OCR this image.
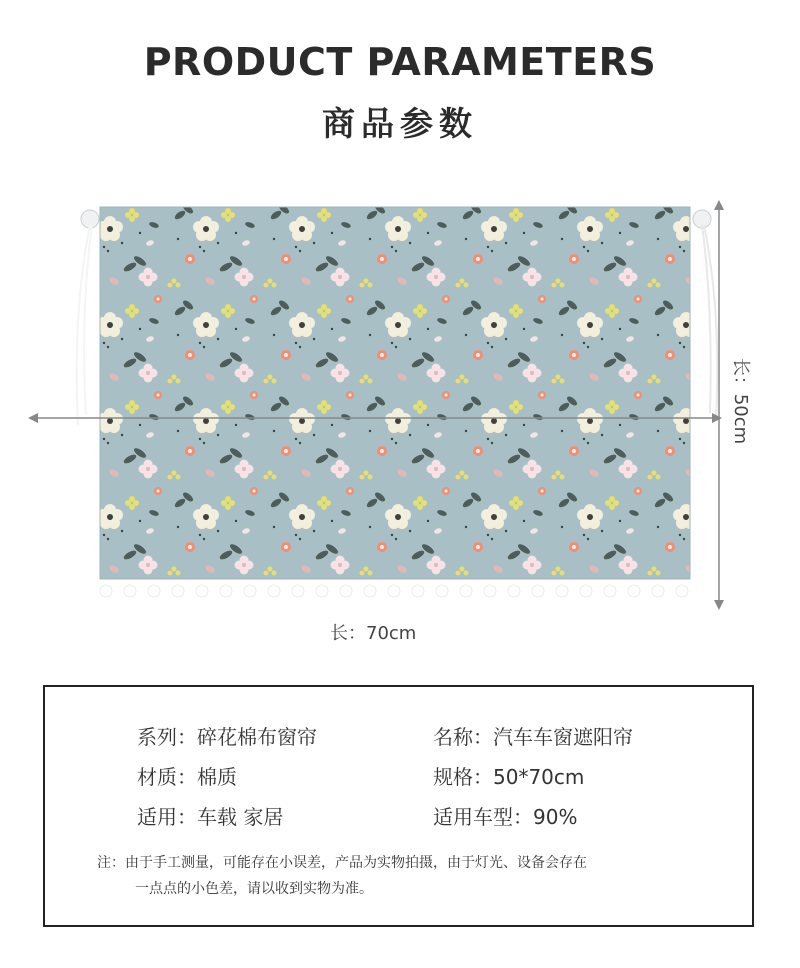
PRODUCT PARAMETERS
商品参数
长：70cm
长：50cm
系列：碎花棉布窗帘	名称：汽车车窗遮阳帘
材质：棉质	规格：50*70cm
适用：车载 家居	适用车型：90%
注：由于手工测量，可能存在小误差，产品为实物拍摄，由于灯光、设备会存在
一点点的小色差，请以收到实物为准。
